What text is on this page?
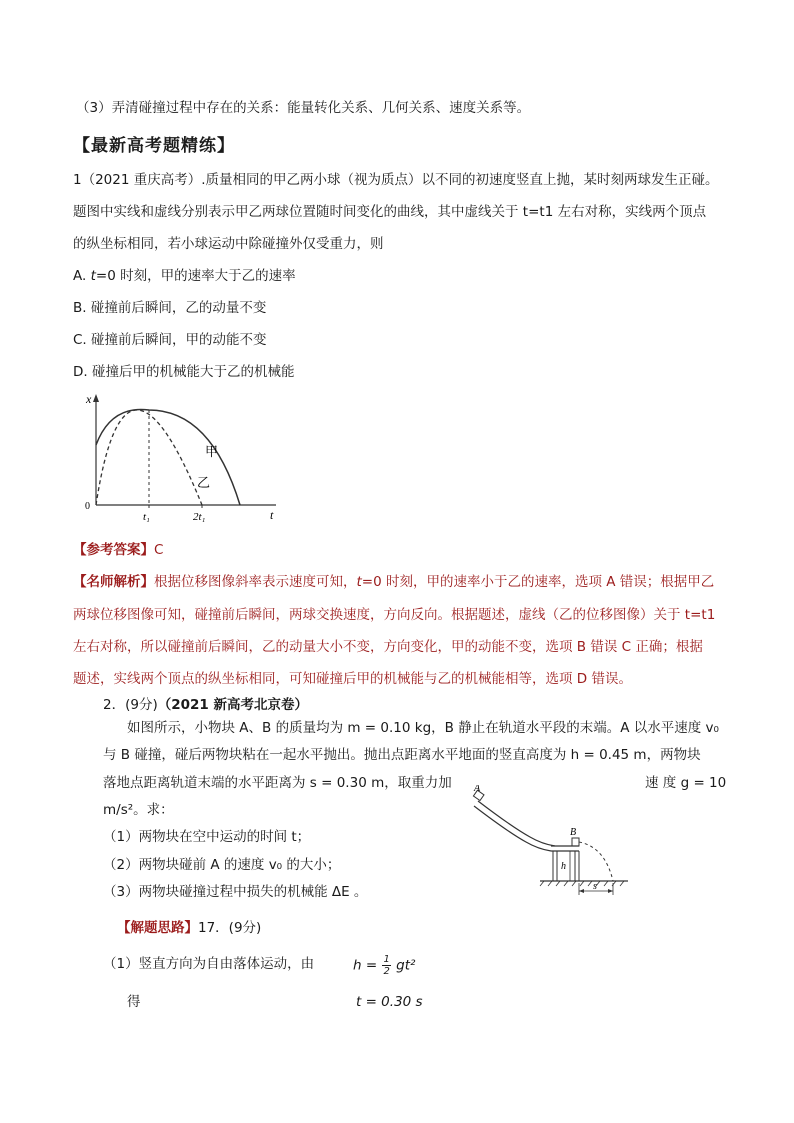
（3）弄清碰撞过程中存在的关系：能量转化关系、几何关系、速度关系等。
【最新高考题精练】
1（2021 重庆高考）.质量相同的甲乙两小球（视为质点）以不同的初速度竖直上抛，某时刻两球发生正碰。
题图中实线和虚线分别表示甲乙两球位置随时间变化的曲线，其中虚线关于 t=t1 左右对称，实线两个顶点
的纵坐标相同，若小球运动中除碰撞外仅受重力，则
A. t=0 时刻，甲的速率大于乙的速率
B. 碰撞前后瞬间，乙的动量不变
C. 碰撞前后瞬间，甲的动能不变
D. 碰撞后甲的机械能大于乙的机械能
x
t
0
t₁	2t₁
甲
乙
【参考答案】C
【名师解析】根据位移图像斜率表示速度可知，t=0 时刻，甲的速率小于乙的速率，选项 A 错误；根据甲乙
两球位移图像可知，碰撞前后瞬间，两球交换速度，方向反向。根据题述，虚线（乙的位移图像）关于 t=t1
左右对称，所以碰撞前后瞬间，乙的动量大小不变，方向变化，甲的动能不变，选项 B 错误 C 正确；根据
题述，实线两个顶点的纵坐标相同，可知碰撞后甲的机械能与乙的机械能相等，选项 D 错误。
2．(9分)（2021 新高考北京卷）
如图所示，小物块 A、B 的质量均为 m = 0.10 kg，B 静止在轨道水平段的末端。A 以水平速度 v₀
与 B 碰撞，碰后两物块粘在一起水平抛出。抛出点距离水平地面的竖直高度为 h = 0.45 m，两物块
落地点距离轨道末端的水平距离为 s = 0.30 m，取重力加	速 度 g = 10
m/s²。求：
（1）两物块在空中运动的时间 t；
（2）两物块碰前 A 的速度 v₀ 的大小；
（3）两物块碰撞过程中损失的机械能 ΔE 。
A
B
h
s
【解题思路】17．(9分)
（1）竖直方向为自由落体运动，由	$h = \frac{1}{2} gt^2$
得	t = 0.30 s
